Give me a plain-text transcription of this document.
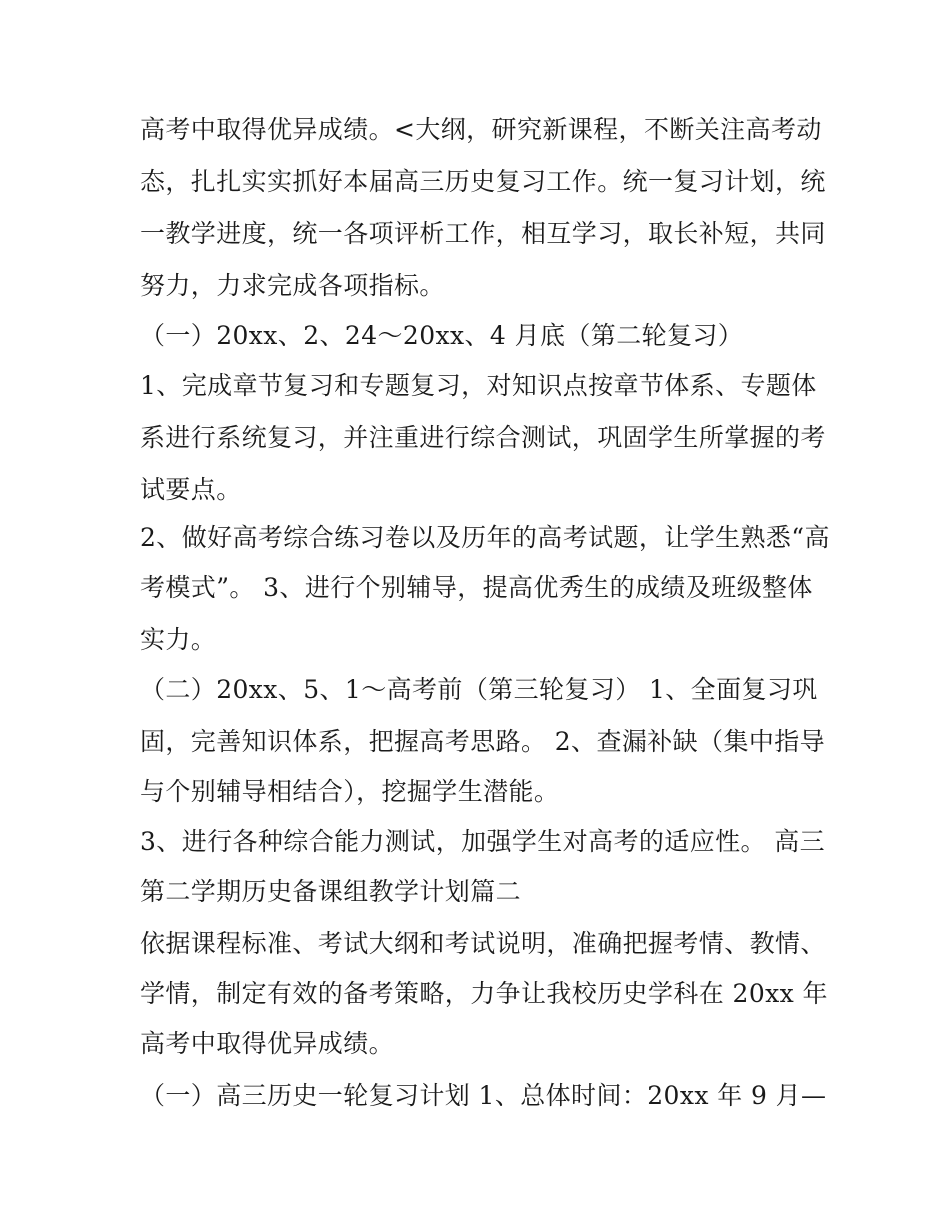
高考中取得优异成绩。<大纲，研究新课程，不断关注高考动
态，扎扎实实抓好本届高三历史复习工作。统一复习计划，统
一教学进度，统一各项评析工作，相互学习，取长补短，共同
努力，力求完成各项指标。
（一）20xx、2、24～20xx、4 月底（第二轮复习）
1、完成章节复习和专题复习，对知识点按章节体系、专题体
系进行系统复习，并注重进行综合测试，巩固学生所掌握的考
试要点。
2、做好高考综合练习卷以及历年的高考试题，让学生熟悉“高
考模式”。 3、进行个别辅导，提高优秀生的成绩及班级整体
实力。
（二）20xx、5、1～高考前（第三轮复习） 1、全面复习巩
固，完善知识体系，把握高考思路。 2、查漏补缺（集中指导
与个别辅导相结合），挖掘学生潜能。
3、进行各种综合能力测试，加强学生对高考的适应性。 高三
第二学期历史备课组教学计划篇二
依据课程标准、考试大纲和考试说明，准确把握考情、教情、
学情，制定有效的备考策略，力争让我校历史学科在 20xx 年
高考中取得优异成绩。
（一）高三历史一轮复习计划 1、总体时间：20xx 年 9 月—
